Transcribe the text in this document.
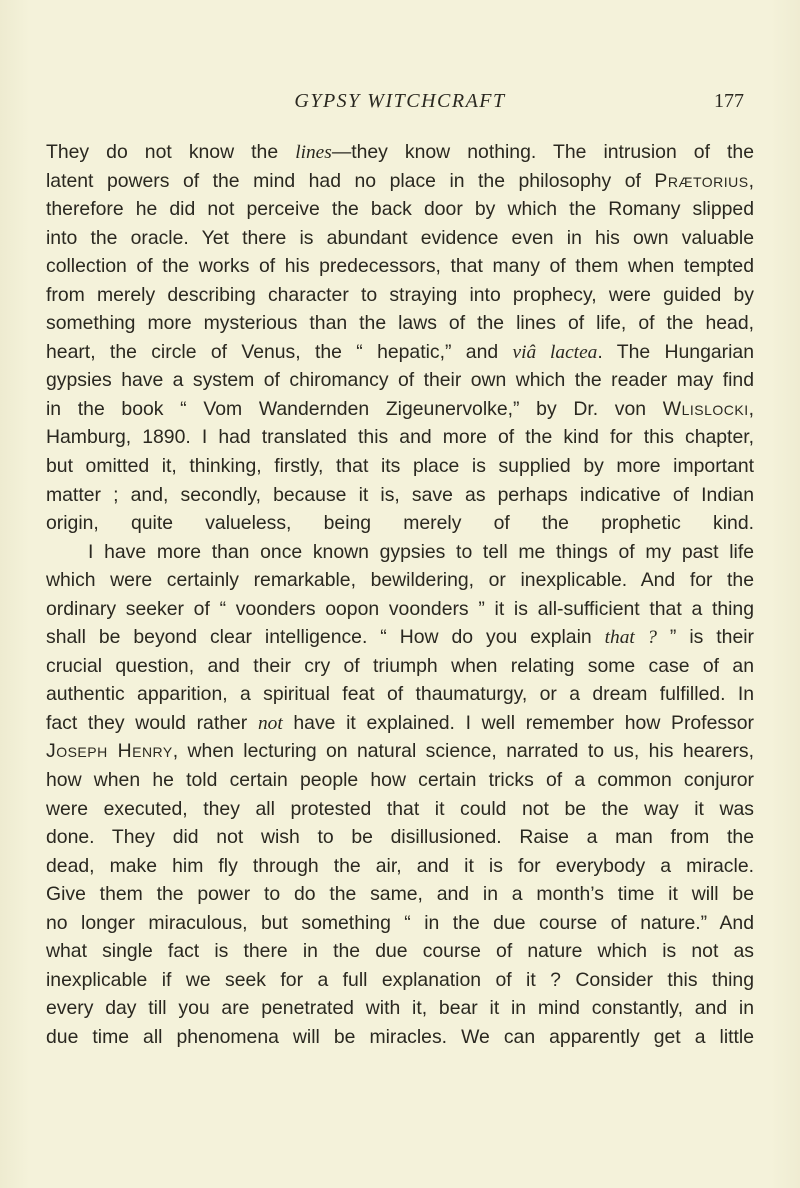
GYPSY WITCHCRAFT	177
They do not know the lines—they know nothing. The intrusion of the
latent powers of the mind had no place in the philosophy of Prætorius,
therefore he did not perceive the back door by which the Romany slipped
into the oracle. Yet there is abundant evidence even in his own valuable
collection of the works of his predecessors, that many of them when tempted
from merely describing character to straying into prophecy, were guided by
something more mysterious than the laws of the lines of life, of the head,
heart, the circle of Venus, the “ hepatic,” and viâ lactea. The Hungarian
gypsies have a system of chiromancy of their own which the reader may find
in the book “ Vom Wandernden Zigeunervolke,” by Dr. von Wlislocki,
Hamburg, 1890. I had translated this and more of the kind for this chapter,
but omitted it, thinking, firstly, that its place is supplied by more important
matter ; and, secondly, because it is, save as perhaps indicative of Indian
origin, quite valueless, being merely of the prophetic kind.
I have more than once known gypsies to tell me things of my past life
which were certainly remarkable, bewildering, or inexplicable. And for the
ordinary seeker of “ voonders oopon voonders ” it is all-sufficient that a thing
shall be beyond clear intelligence. “ How do you explain that ? ” is their
crucial question, and their cry of triumph when relating some case of an
authentic apparition, a spiritual feat of thaumaturgy, or a dream fulfilled. In
fact they would rather not have it explained. I well remember how Professor
Joseph Henry, when lecturing on natural science, narrated to us, his hearers,
how when he told certain people how certain tricks of a common conjuror
were executed, they all protested that it could not be the way it was
done. They did not wish to be disillusioned. Raise a man from the
dead, make him fly through the air, and it is for everybody a miracle.
Give them the power to do the same, and in a month’s time it will be
no longer miraculous, but something “ in the due course of nature.” And
what single fact is there in the due course of nature which is not as
inexplicable if we seek for a full explanation of it ? Consider this thing
every day till you are penetrated with it, bear it in mind constantly, and in
due time all phenomena will be miracles. We can apparently get a little
